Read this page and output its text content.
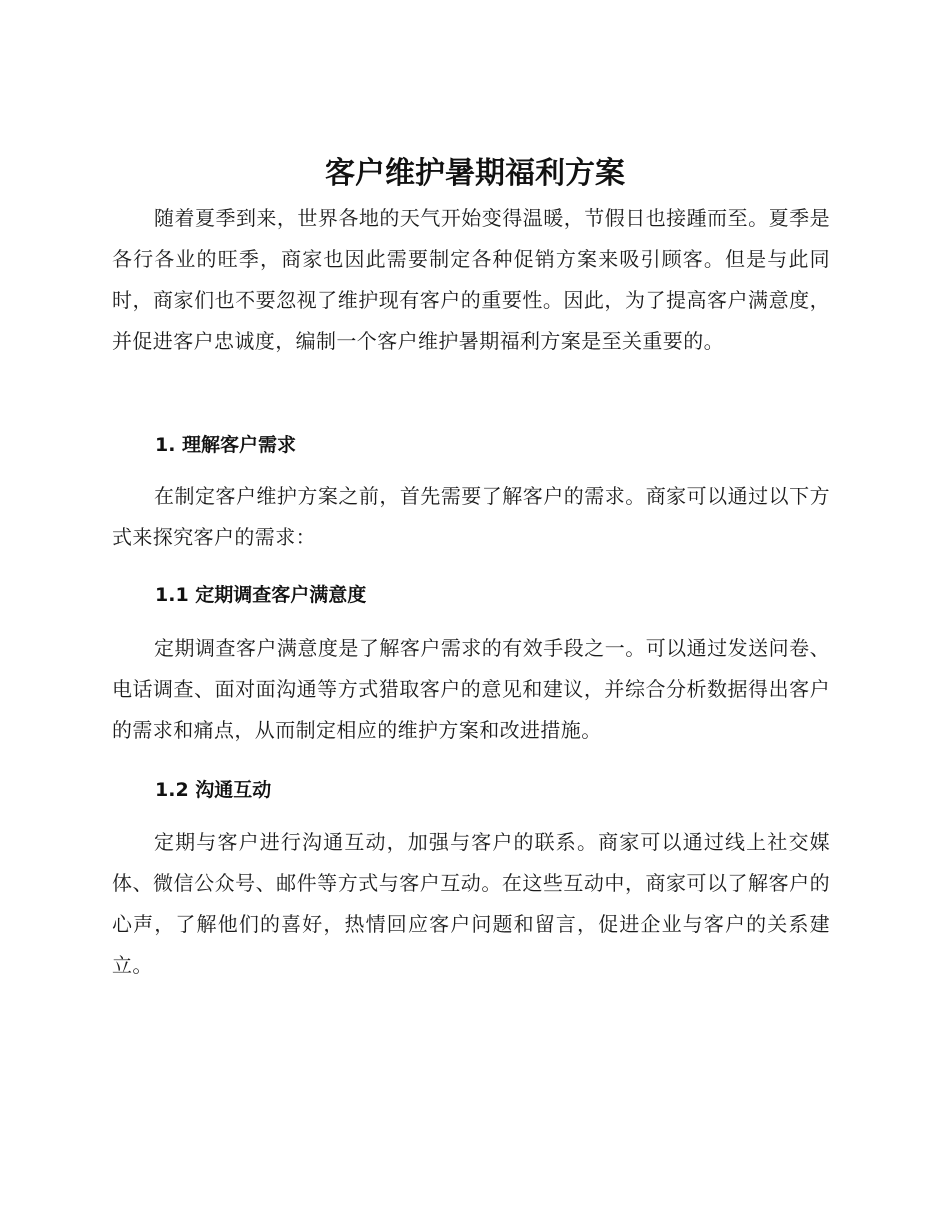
客户维护暑期福利方案

随着夏季到来，世界各地的天气开始变得温暖，节假日也接踵而至。夏季是各行各业的旺季，商家也因此需要制定各种促销方案来吸引顾客。但是与此同时，商家们也不要忽视了维护现有客户的重要性。因此，为了提高客户满意度，并促进客户忠诚度，编制一个客户维护暑期福利方案是至关重要的。

1. 理解客户需求

在制定客户维护方案之前，首先需要了解客户的需求。商家可以通过以下方式来探究客户的需求：

1.1 定期调查客户满意度

定期调查客户满意度是了解客户需求的有效手段之一。可以通过发送问卷、电话调查、面对面沟通等方式猎取客户的意见和建议，并综合分析数据得出客户的需求和痛点，从而制定相应的维护方案和改进措施。

1.2 沟通互动

定期与客户进行沟通互动，加强与客户的联系。商家可以通过线上社交媒体、微信公众号、邮件等方式与客户互动。在这些互动中，商家可以了解客户的心声，了解他们的喜好，热情回应客户问题和留言，促进企业与客户的关系建立。
